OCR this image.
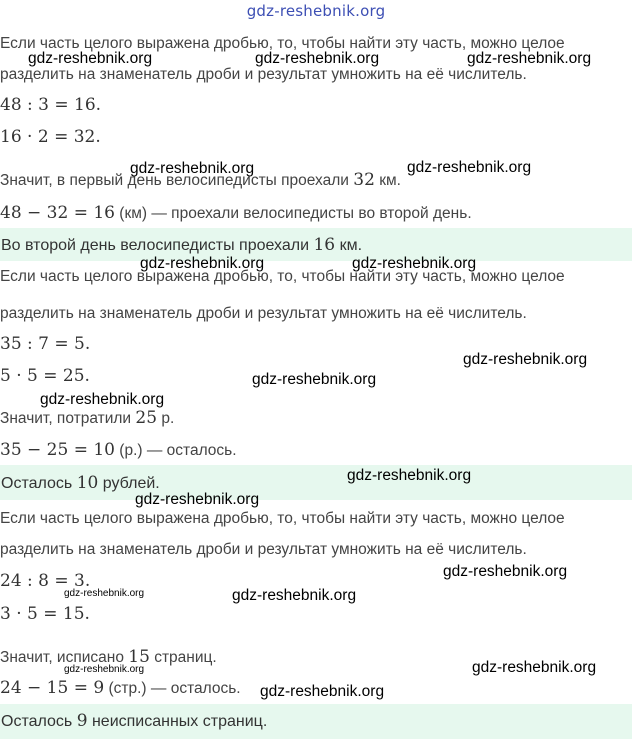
gdz-reshebnik.org
Если часть целого выражена дробью, то, чтобы найти эту часть, можно целое
разделить на знаменатель дроби и результат умножить на её числитель.
48 : 3 = 16.
16 · 2 = 32.
Значит, в первый день велосипедисты проехали 32 км.
48 − 32 = 16 (км) — проехали велосипедисты во второй день.
Во второй день велосипедисты проехали 16 км.
Если часть целого выражена дробью, то, чтобы найти эту часть, можно целое
разделить на знаменатель дроби и результат умножить на её числитель.
35 : 7 = 5.
5 · 5 = 25.
Значит, потратили 25 р.
35 − 25 = 10 (р.) — осталось.
Осталось 10 рублей.
Если часть целого выражена дробью, то, чтобы найти эту часть, можно целое
разделить на знаменатель дроби и результат умножить на её числитель.
24 : 8 = 3.
3 · 5 = 15.
Значит, исписано 15 страниц.
24 − 15 = 9 (стр.) — осталось.
Осталось 9 неисписанных страниц.
gdz-reshebnik.org	gdz-reshebnik.org	gdz-reshebnik.org
gdz-reshebnik.org	gdz-reshebnik.org
gdz-reshebnik.org	gdz-reshebnik.org
gdz-reshebnik.org
gdz-reshebnik.org
gdz-reshebnik.org
gdz-reshebnik.org
gdz-reshebnik.org
gdz-reshebnik.org
gdz-reshebnik.org	gdz-reshebnik.org
gdz-reshebnik.org	gdz-reshebnik.org
gdz-reshebnik.org
